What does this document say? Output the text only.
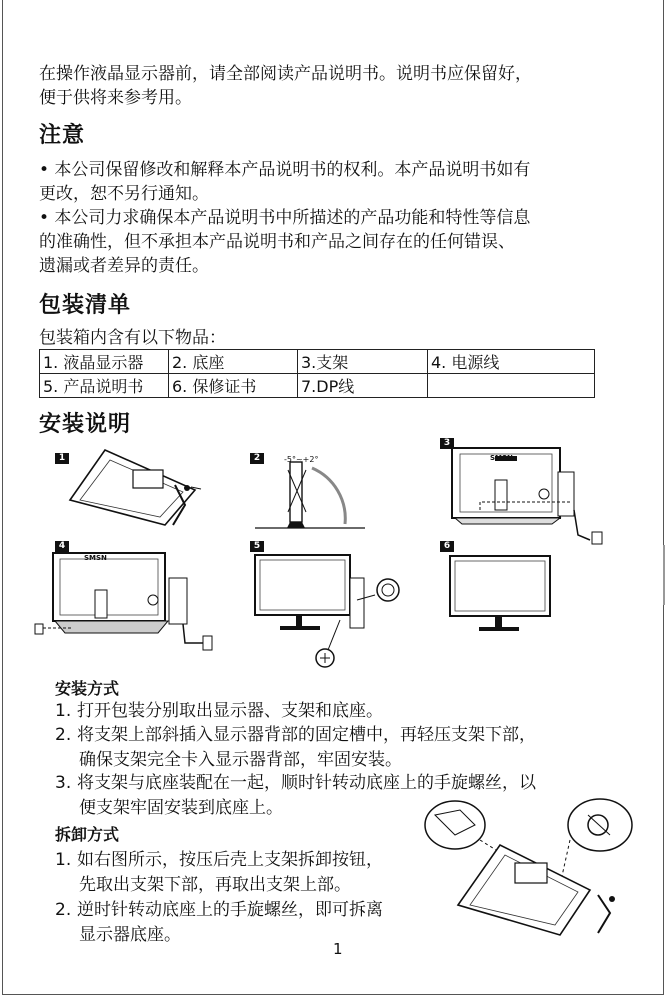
在操作液晶显示器前，请全部阅读产品说明书。说明书应保留好，
便于供将来参考用。
注意
• 本公司保留修改和解释本产品说明书的权利。本产品说明书如有
更改，恕不另行通知。
• 本公司力求确保本产品说明书中所描述的产品功能和特性等信息
的准确性，但不承担本产品说明书和产品之间存在的任何错误、
遗漏或者差异的责任。
包装清单
包装箱内含有以下物品：
1. 液晶显示器	2. 底座	3.支架	4. 电源线
5. 产品说明书	6. 保修证书	7.DP线	
安装说明
1	2	-5°~+2°
3
SMSN
4
SMSN
5	6
安装方式
1. 打开包装分别取出显示器、支架和底座。
2. 将支架上部斜插入显示器背部的固定槽中，再轻压支架下部，
确保支架完全卡入显示器背部，牢固安装。
3. 将支架与底座装配在一起，顺时针转动底座上的手旋螺丝，以
便支架牢固安装到底座上。
拆卸方式
1. 如右图所示，按压后壳上支架拆卸按钮，
先取出支架下部，再取出支架上部。
2. 逆时针转动底座上的手旋螺丝，即可拆离
显示器底座。
1
